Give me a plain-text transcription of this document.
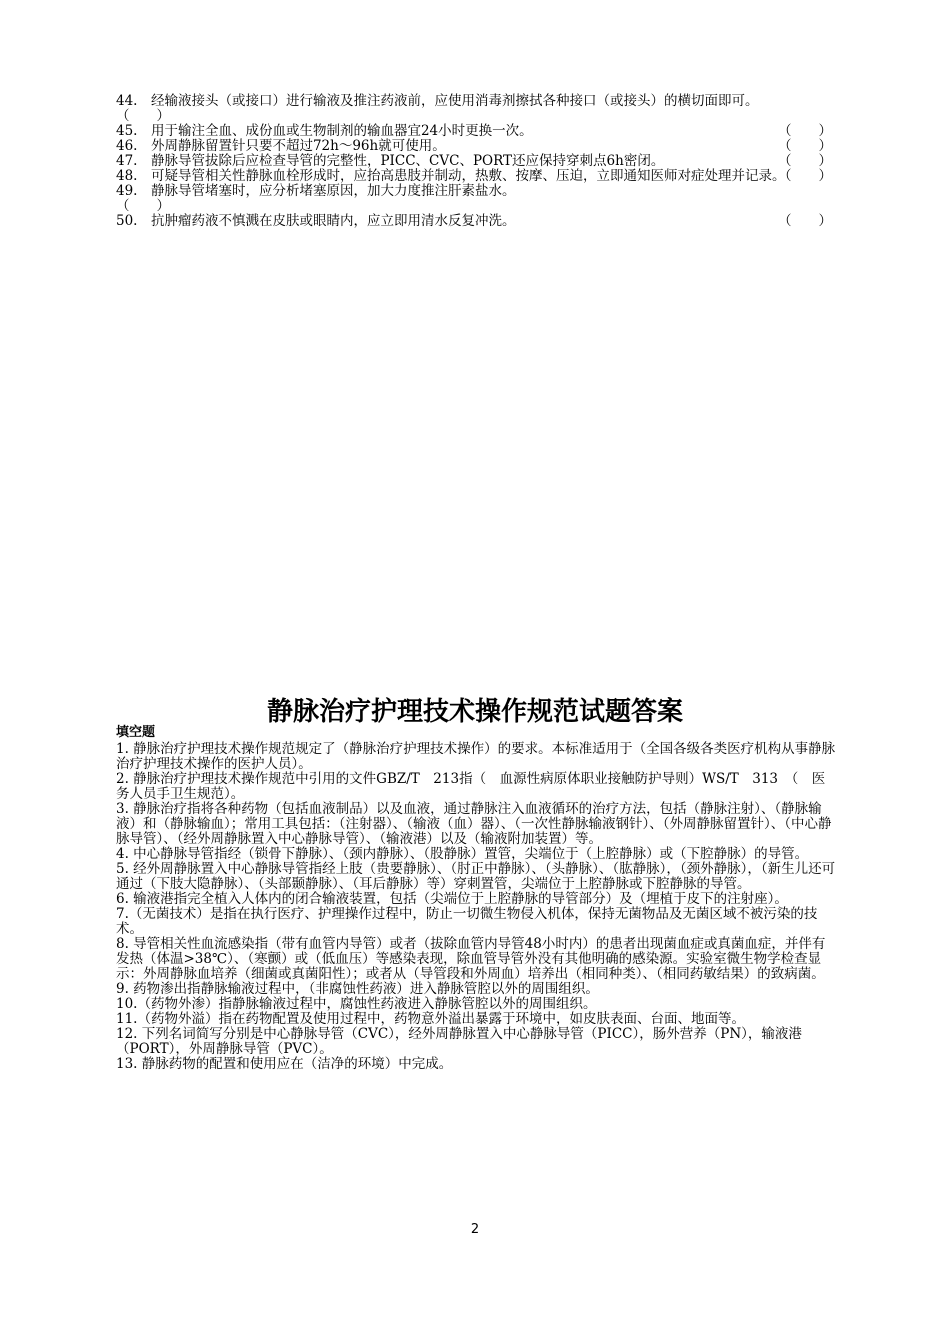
44.　经输液接头（或接口）进行输液及推注药液前，应使用消毒剂擦拭各种接口（或接头）的横切面即可。
（　　）

45.　用于输注全血、成份血或生物制剂的输血器宜24小时更换一次。	（　　）

46.　外周静脉留置针只要不超过72h～96h就可使用。	（　　）

47.　静脉导管拔除后应检查导管的完整性，PICC、CVC、PORT还应保持穿刺点6h密闭。	（　　）

48.　可疑导管相关性静脉血栓形成时，应抬高患肢并制动，热敷、按摩、压迫，立即通知医师对症处理并记录。
（　　）

49.　静脉导管堵塞时，应分析堵塞原因，加大力度推注肝素盐水。
（　　）

50.　抗肿瘤药液不慎溅在皮肤或眼睛内，应立即用清水反复冲洗。	（　　）

静脉治疗护理技术操作规范试题答案
填空题

1. 静脉治疗护理技术操作规范规定了（静脉治疗护理技术操作）的要求。本标准适用于（全国各级各类医疗机构从事静脉治疗护理技术操作的医护人员）。

2. 静脉治疗护理技术操作规范中引用的文件GBZ/T　213指（　血源性病原体职业接触防护导则）WS/T　313　（　医务人员手卫生规范）。

3. 静脉治疗指将各种药物（包括血液制品）以及血液，通过静脉注入血液循环的治疗方法，包括（静脉注射）、（静脉输液）和（静脉输血）；常用工具包括：（注射器）、（输液（血）器）、（一次性静脉输液钢针）、（外周静脉留置针）、（中心静脉导管）、（经外周静脉置入中心静脉导管）、（输液港）以及（输液附加装置）等。

4. 中心静脉导管指经（锁骨下静脉）、（颈内静脉）、（股静脉）置管，尖端位于（上腔静脉）或（下腔静脉）的导管。

5. 经外周静脉置入中心静脉导管指经上肢（贵要静脉）、（肘正中静脉）、（头静脉）、（肱静脉），（颈外静脉），（新生儿还可通过（下肢大隐静脉）、（头部颞静脉）、（耳后静脉）等）穿刺置管，尖端位于上腔静脉或下腔静脉的导管。

6. 输液港指完全植入人体内的闭合输液装置，包括（尖端位于上腔静脉的导管部分）及（埋植于皮下的注射座）。

7.（无菌技术）是指在执行医疗、护理操作过程中，防止一切微生物侵入机体，保持无菌物品及无菌区域不被污染的技术。

8. 导管相关性血流感染指（带有血管内导管）或者（拔除血管内导管48小时内）的患者出现菌血症或真菌血症，并伴有发热（体温>38℃）、（寒颤）或（低血压）等感染表现，除血管导管外没有其他明确的感染源。实验室微生物学检查显示：外周静脉血培养（细菌或真菌阳性）；或者从（导管段和外周血）培养出（相同种类）、（相同药敏结果）的致病菌。

9. 药物渗出指静脉输液过程中，（非腐蚀性药液）进入静脉管腔以外的周围组织。

10.（药物外渗）指静脉输液过程中，腐蚀性药液进入静脉管腔以外的周围组织。

11.（药物外溢）指在药物配置及使用过程中，药物意外溢出暴露于环境中，如皮肤表面、台面、地面等。

12. 下列名词简写分别是中心静脉导管（CVC），经外周静脉置入中心静脉导管（PICC），肠外营养（PN），输液港（PORT），外周静脉导管（PVC）。

13. 静脉药物的配置和使用应在（洁净的环境）中完成。

2
